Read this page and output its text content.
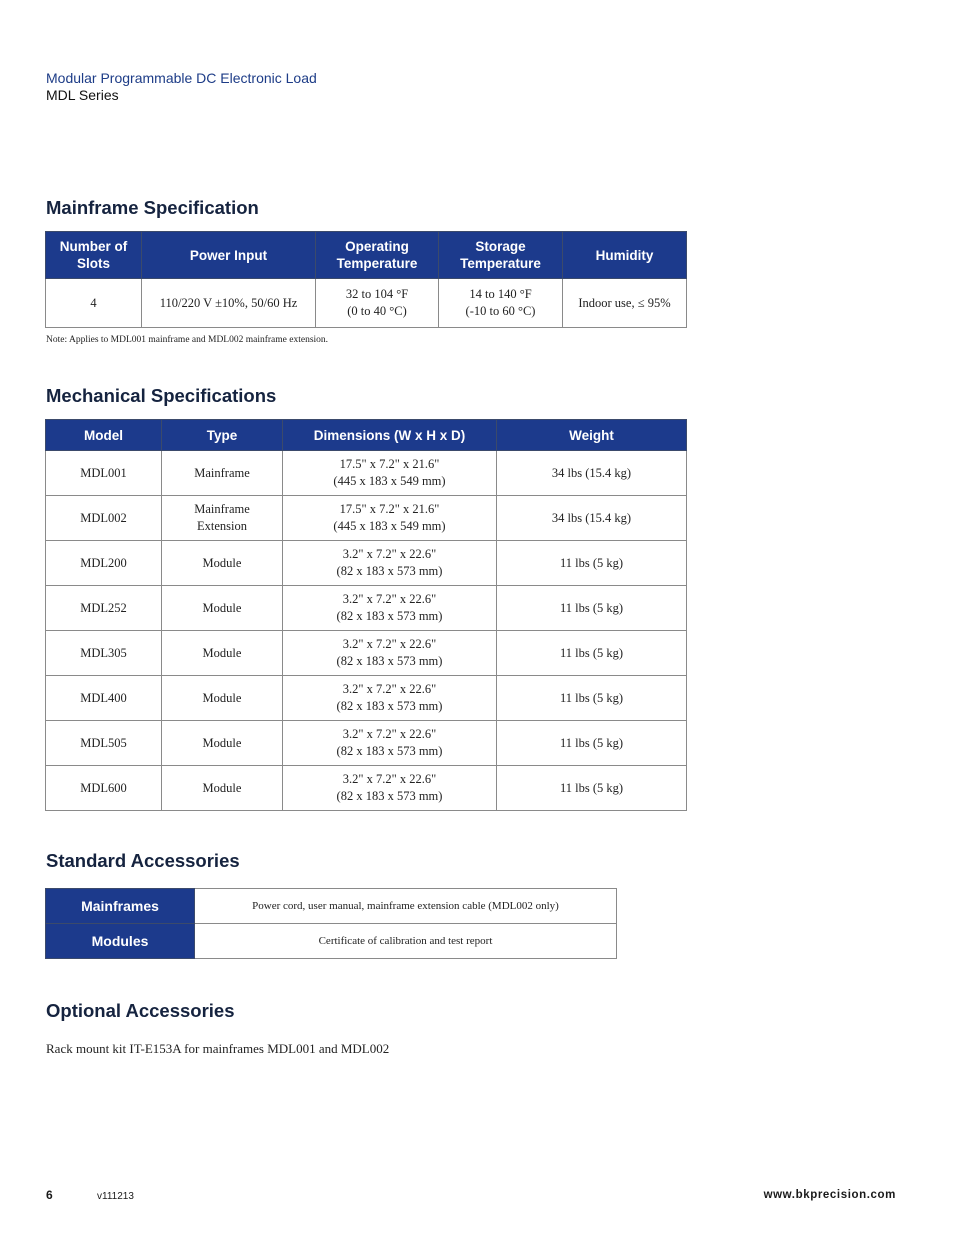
Modular Programmable DC Electronic Load
MDL Series
Mainframe Specification
Number of
Slots	Power Input	Operating
Temperature	Storage
Temperature	Humidity
4	110/220 V ±10%, 50/60 Hz	32 to 104 °F
(0 to 40 °C)	14 to 140 °F
(-10 to 60 °C)	Indoor use, ≤ 95%
Note: Applies to MDL001 mainframe and MDL002 mainframe extension.
Mechanical Specifications
Model	Type	Dimensions (W x H x D)	Weight
MDL001	Mainframe	17.5" x 7.2" x 21.6"
(445 x 183 x 549 mm)	34 lbs (15.4 kg)
MDL002	Mainframe
Extension	17.5" x 7.2" x 21.6"
(445 x 183 x 549 mm)	34 lbs (15.4 kg)
MDL200	Module	3.2" x 7.2" x 22.6"
(82 x 183 x 573 mm)	11 lbs (5 kg)
MDL252	Module	3.2" x 7.2" x 22.6"
(82 x 183 x 573 mm)	11 lbs (5 kg)
MDL305	Module	3.2" x 7.2" x 22.6"
(82 x 183 x 573 mm)	11 lbs (5 kg)
MDL400	Module	3.2" x 7.2" x 22.6"
(82 x 183 x 573 mm)	11 lbs (5 kg)
MDL505	Module	3.2" x 7.2" x 22.6"
(82 x 183 x 573 mm)	11 lbs (5 kg)
MDL600	Module	3.2" x 7.2" x 22.6"
(82 x 183 x 573 mm)	11 lbs (5 kg)
Standard Accessories
Mainframes	Power cord, user manual, mainframe extension cable (MDL002 only)
Modules	Certificate of calibration and test report
Optional Accessories
Rack mount kit IT-E153A for mainframes MDL001 and MDL002
6	v111213	www.bkprecision.com
